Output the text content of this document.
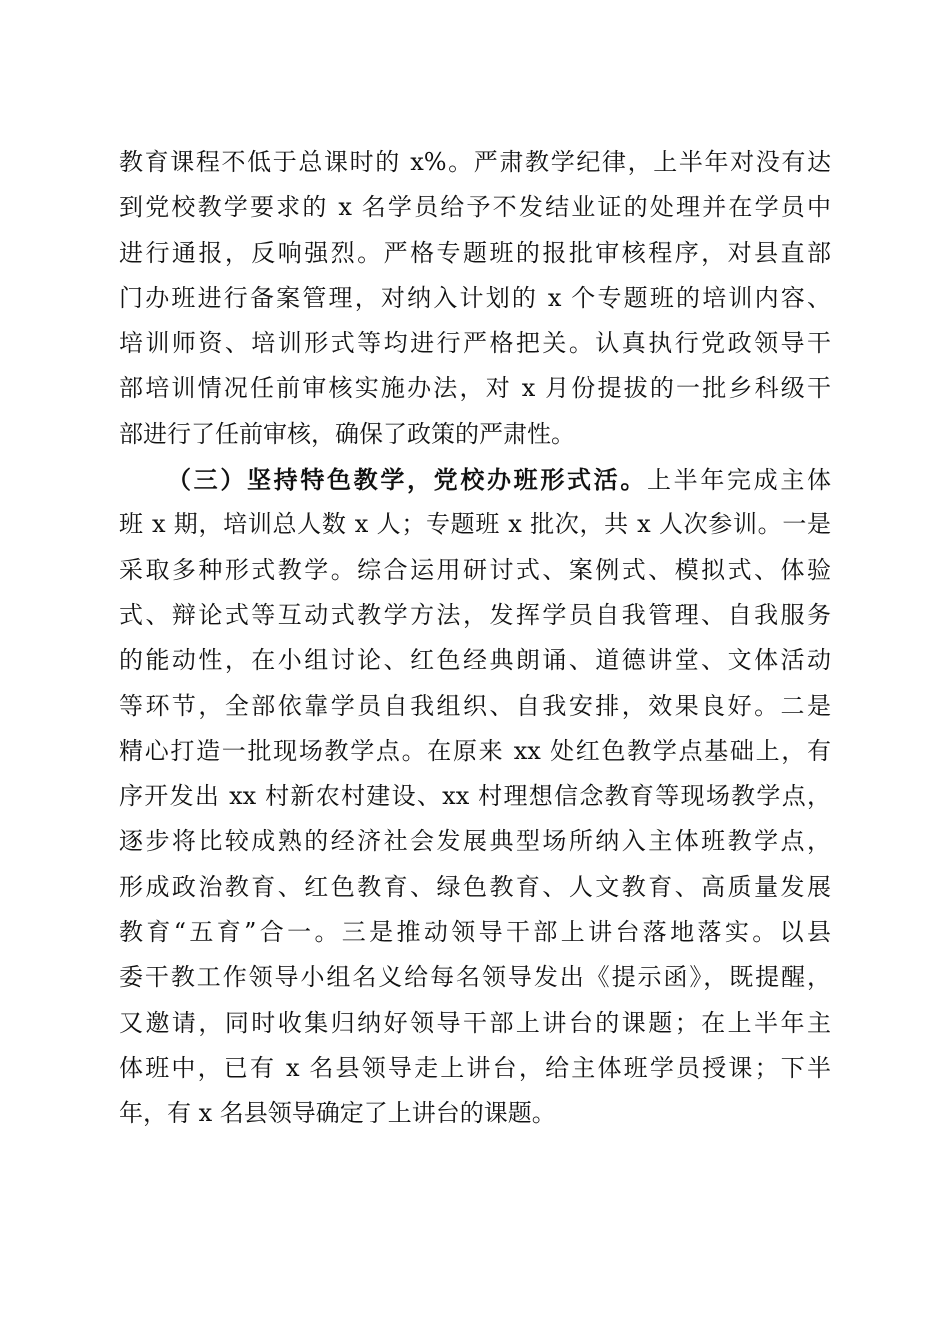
教育课程不低于总课时的 x%。严肃教学纪律，上半年对没有达
到党校教学要求的 x 名学员给予不发结业证的处理并在学员中
进行通报，反响强烈。严格专题班的报批审核程序，对县直部
门办班进行备案管理，对纳入计划的 x 个专题班的培训内容、
培训师资、培训形式等均进行严格把关。认真执行党政领导干
部培训情况任前审核实施办法，对 x 月份提拔的一批乡科级干
部进行了任前审核，确保了政策的严肃性。
（三）坚持特色教学，党校办班形式活。上半年完成主体
班 x 期，培训总人数 x 人；专题班 x 批次，共 x 人次参训。一是
采取多种形式教学。综合运用研讨式、案例式、模拟式、体验
式、辩论式等互动式教学方法，发挥学员自我管理、自我服务
的能动性，在小组讨论、红色经典朗诵、道德讲堂、文体活动
等环节，全部依靠学员自我组织、自我安排，效果良好。二是
精心打造一批现场教学点。在原来 xx 处红色教学点基础上，有
序开发出 xx 村新农村建设、xx 村理想信念教育等现场教学点，
逐步将比较成熟的经济社会发展典型场所纳入主体班教学点，
形成政治教育、红色教育、绿色教育、人文教育、高质量发展
教育“五育”合一。三是推动领导干部上讲台落地落实。以县
委干教工作领导小组名义给每名领导发出《提示函》，既提醒，
又邀请，同时收集归纳好领导干部上讲台的课题；在上半年主
体班中，已有 x 名县领导走上讲台，给主体班学员授课；下半
年，有 x 名县领导确定了上讲台的课题。
